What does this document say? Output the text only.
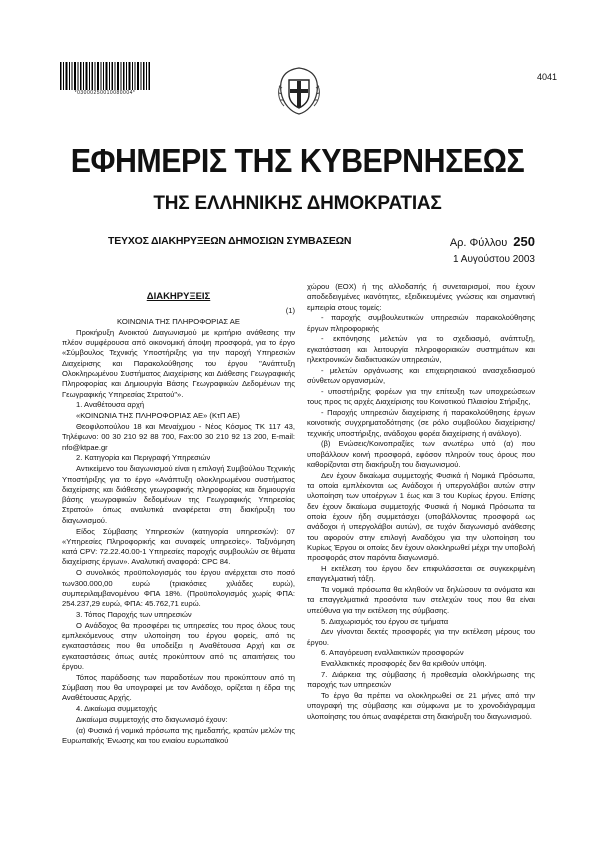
*03000250010080004*
4041
ΕΦΗΜΕΡΙΣ ΤΗΣ ΚΥΒΕΡΝΗΣΕΩΣ
ΤΗΣ ΕΛΛΗΝΙΚΗΣ ΔΗΜΟΚΡΑΤΙΑΣ
ΤΕΥΧΟΣ ΔΙΑΚΗΡΥΞΕΩΝ ΔΗΜΟΣΙΩΝ ΣΥΜΒΑΣΕΩΝ	Αρ. Φύλλου 250
1 Αυγούστου 2003

ΔΙΑΚΗΡΥΞΕΙΣ

(1)

ΚΟΙΝΩΝΙΑ ΤΗΣ ΠΛΗΡΟΦΟΡΙΑΣ ΑΕ

Προκήρυξη Ανοικτού Διαγωνισμού με κριτήριο ανάθεσης την πλέον συμφέρουσα από οικονομική άποψη προσφορά, για το έργο «Σύμβουλος Τεχνικής Υποστήριξης για την παροχή Υπηρεσιών Διαχείρισης και Παρακολούθησης του έργου "Ανάπτυξη Ολοκληρωμένου Συστήματος Διαχείρισης και Διάθεσης Γεωγραφικής Πληροφορίας και Δημιουργία Βάσης Γεωγραφικών Δεδομένων της Γεωγραφικής Υπηρεσίας Στρατού"».

1. Αναθέτουσα αρχή

«ΚΟΙΝΩΝΙΑ ΤΗΣ ΠΛΗΡΟΦΟΡΙΑΣ ΑΕ» (ΚτΠ ΑΕ)

Θεοφιλοπούλου 18 και Μεναίχμου - Νέος Κόσμος ΤΚ 117 43, Τηλέφωνο: 00 30 210 92 88 700, Fax:00 30 210 92 13 200, E-mail: nfo@ktpae.gr

2. Κατηγορία και Περιγραφή Υπηρεσιών

Αντικείμενο του διαγωνισμού είναι η επιλογή Συμβούλου Τεχνικής Υποστήριξης για το έργο «Ανάπτυξη ολοκληρωμένου συστήματος διαχείρισης και διάθεσης γεωγραφικής πληροφορίας και δημιουργία βάσης γεωγραφικών δεδομένων της Γεωγραφικής Υπηρεσίας Στρατού» όπως αναλυτικά αναφέρεται στη διακήρυξη του διαγωνισμού.

Είδος Σύμβασης Υπηρεσιών (κατηγορία υπηρεσιών): 07 «Υπηρεσίες Πληροφορικής και συναφείς υπηρεσίες». Ταξινόμηση κατά CPV: 72.22.40.00-1 Υπηρεσίες παροχής συμβουλών σε θέματα διαχείρισης έργων». Αναλυτική αναφορά: CPC 84.

Ο συνολικός προϋπολογισμός του έργου ανέρχεται στο ποσό των300.000,00 ευρώ (τριακόσιες χιλιάδες ευρώ), συμπεριλαμβανομένου ΦΠΑ 18%. (Προϋπολογισμός χωρίς ΦΠΑ: 254.237,29 ευρώ, ΦΠΑ: 45.762,71 ευρώ.

3. Τόπος Παροχής των υπηρεσιών

Ο Ανάδοχος θα προσφέρει τις υπηρεσίες του προς όλους τους εμπλεκόμενους στην υλοποίηση του έργου φορείς, από τις εγκαταστάσεις που θα υποδείξει η Αναθέτουσα Αρχή και σε εγκαταστάσεις όπως αυτές προκύπτουν από τις απαιτήσεις του έργου.

Τόπος παράδοσης των παραδοτέων που προκύπτουν από τη Σύμβαση που θα υπογραφεί με τον Ανάδοχο, ορίζεται η έδρα της Αναθέτουσας Αρχής.

4. Δικαίωμα συμμετοχής

Δικαίωμα συμμετοχής στο διαγωνισμό έχουν:

(α) Φυσικά ή νομικά πρόσωπα της ημεδαπής, κρατών μελών της Ευρωπαϊκής Ένωσης και του ενιαίου ευρωπαϊκού

χώρου (ΕΟΧ) ή της αλλοδαπής ή συνεταιρισμοί, που έχουν αποδεδειγμένες ικανότητες, εξειδικευμένες γνώσεις και σημαντική εμπειρία στους τομείς:

- παροχής συμβουλευτικών υπηρεσιών παρακολούθησης έργων πληροφορικής

- εκπόνησης μελετών για το σχεδιασμό, ανάπτυξη, εγκατάσταση και λειτουργία πληροφοριακών συστημάτων και ηλεκτρονικών διαδικτυακών υπηρεσιών,

- μελετών οργάνωσης και επιχειρησιακού ανασχεδιασμού σύνθετων οργανισμών,

- υποστήριξης φορέων για την επίτευξη των υποχρεώσεων τους προς τις αρχές Διαχείρισης του Κοινοτικού Πλαισίου Στήριξης,

- Παροχής υπηρεσιών διαχείρισης ή παρακολούθησης έργων κοινοτικής συγχρηματοδότησης (σε ρόλο συμβούλου διαχείρισης/τεχνικής υποστήριξης, ανάδοχου φορέα διαχείρισης ή ανάλογο).

(β) Ενώσεις/Κοινοπραξίες των ανωτέρω υπό (α) που υποβάλλουν κοινή προσφορά, εφόσον πληρούν τους όρους που καθορίζονται στη διακήρυξη του διαγωνισμού.

Δεν έχουν δικαίωμα συμμετοχής Φυσικά ή Νομικά Πρόσωπα, τα οποία εμπλέκονται ως Ανάδοχοι ή υπεργολάβοι αυτών στην υλοποίηση των υποέργων 1 έως και 3 του Κυρίως έργου. Επίσης δεν έχουν δικαίωμα συμμετοχής Φυσικά ή Νομικά Πρόσωπα τα οποία έχουν ήδη συμμετάσχει (υποβάλλοντας προσφορά ως ανάδοχοι ή υπεργολάβοι αυτών), σε τυχόν διαγωνισμό ανάθεσης του αφορούν στην επιλογή Αναδόχου για την υλοποίηση του Κυρίως Έργου οι οποίες δεν έχουν ολοκληρωθεί μέχρι την υποβολή προσφοράς στον παρόντα διαγωνισμό.

Η εκτέλεση του έργου δεν επιφυλάσσεται σε συγκεκριμένη επαγγελματική τάξη.

Τα νομικά πρόσωπα θα κληθούν να δηλώσουν τα ονόματα και τα επαγγελματικά προσόντα των στελεχών τους που θα είναι υπεύθυνα για την εκτέλεση της σύμβασης.

5. Διαχωρισμός του έργου σε τμήματα

Δεν γίνονται δεκτές προσφορές για την εκτέλεση μέρους του έργου.

6. Απαγόρευση εναλλακτικών προσφορών

Εναλλακτικές προσφορές δεν θα κριθούν υπόψη.

7. Διάρκεια της σύμβασης ή προθεσμία ολοκλήρωσης της παροχής των υπηρεσιών

Το έργο θα πρέπει να ολοκληρωθεί σε 21 μήνες από την υπογραφή της σύμβασης και σύμφωνα με το χρονοδιάγραμμα υλοποίησης του όπως αναφέρεται στη διακήρυξη του διαγωνισμού.
